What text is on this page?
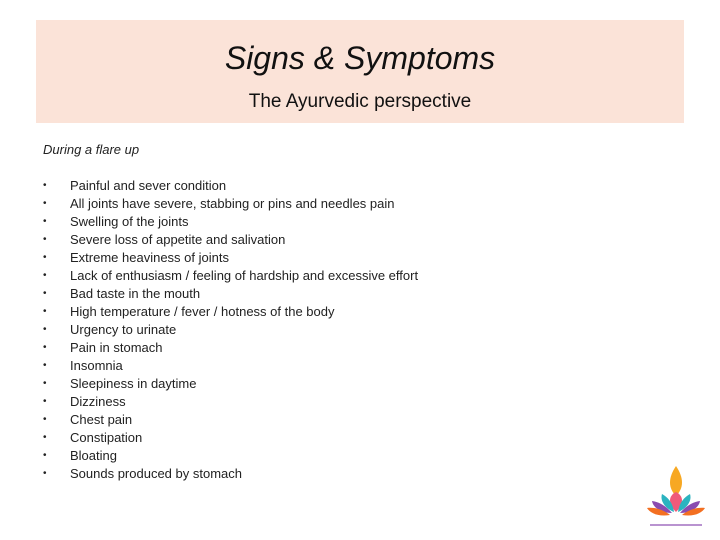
Signs & Symptoms
The Ayurvedic perspective
During a flare up
• Painful and sever condition
• All joints have severe, stabbing or pins and needles pain
• Swelling of the joints
• Severe loss of appetite and salivation
• Extreme heaviness of joints
• Lack of enthusiasm / feeling of hardship and excessive effort
• Bad taste in the mouth
• High temperature / fever / hotness of the body
• Urgency to urinate
• Pain in stomach
• Insomnia
• Sleepiness in daytime
• Dizziness
• Chest pain
• Constipation
• Bloating
• Sounds produced by stomach
